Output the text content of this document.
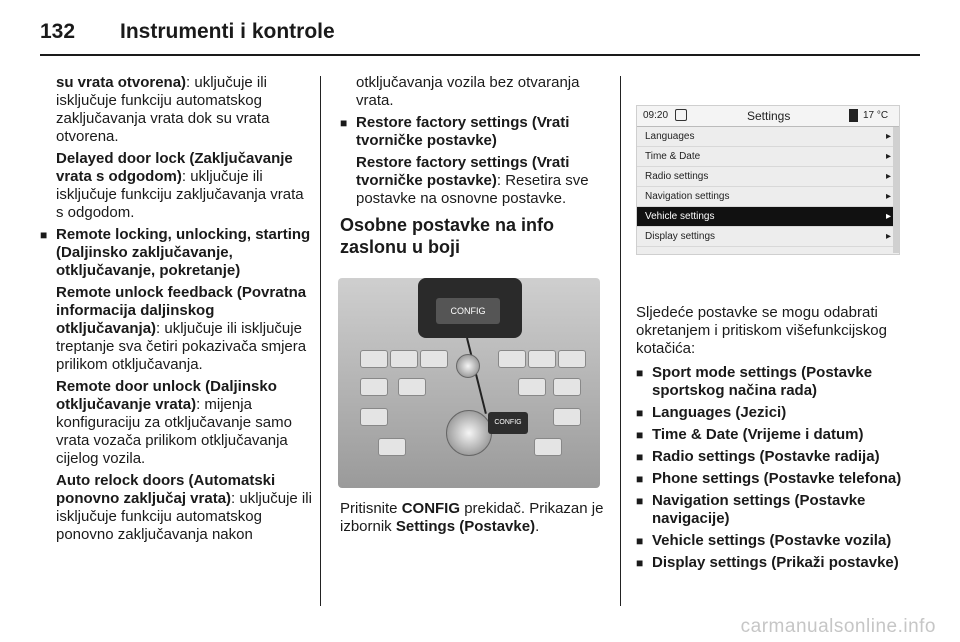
132 Instrumenti i kontrole

su vrata otvorena): uključuje ili isključuje funkciju automatskog zaključavanja vrata dok su vrata otvorena.

Delayed door lock (Zaključavanje vrata s odgodom): uključuje ili isključuje funkciju zaključavanja vrata s odgodom.

■ Remote locking, unlocking, starting (Daljinsko zaključavanje, otključavanje, pokretanje)

Remote unlock feedback (Povratna informacija daljinskog otključavanja): uključuje ili isključuje treptanje sva četiri pokazivača smjera prilikom otključavanja.

Remote door unlock (Daljinsko otključavanje vrata): mijenja konfiguraciju za otključavanje samo vrata vozača prilikom otključavanja cijelog vozila.

Auto relock doors (Automatski ponovno zaključaj vrata): uključuje ili isključuje funkciju automatskog ponovno zaključavanja nakon

otključavanja vozila bez otvaranja vrata.

■ Restore factory settings (Vrati tvorničke postavke)

Restore factory settings (Vrati tvorničke postavke): Resetira sve postavke na osnovne postavke.

Osobne postavke na info zaslonu u boji
CONFIG
CONFIG

Pritisnite CONFIG prekidač. Prikazan je izbornik Settings (Postavke).

09:20	Settings	17 °C
Languages	▸
Time & Date	▸
Radio settings	▸
Navigation settings	▸
Vehicle settings	▸
Display settings	▸

Sljedeće postavke se mogu odabrati okretanjem i pritiskom višefunkcijskog kotačića:

■ Sport mode settings (Postavke sportskog načina rada)
■ Languages (Jezici)
■ Time & Date (Vrijeme i datum)
■ Radio settings (Postavke radija)
■ Phone settings (Postavke telefona)
■ Navigation settings (Postavke navigacije)
■ Vehicle settings (Postavke vozila)
■ Display settings (Prikaži postavke)
carmanualsonline.info
